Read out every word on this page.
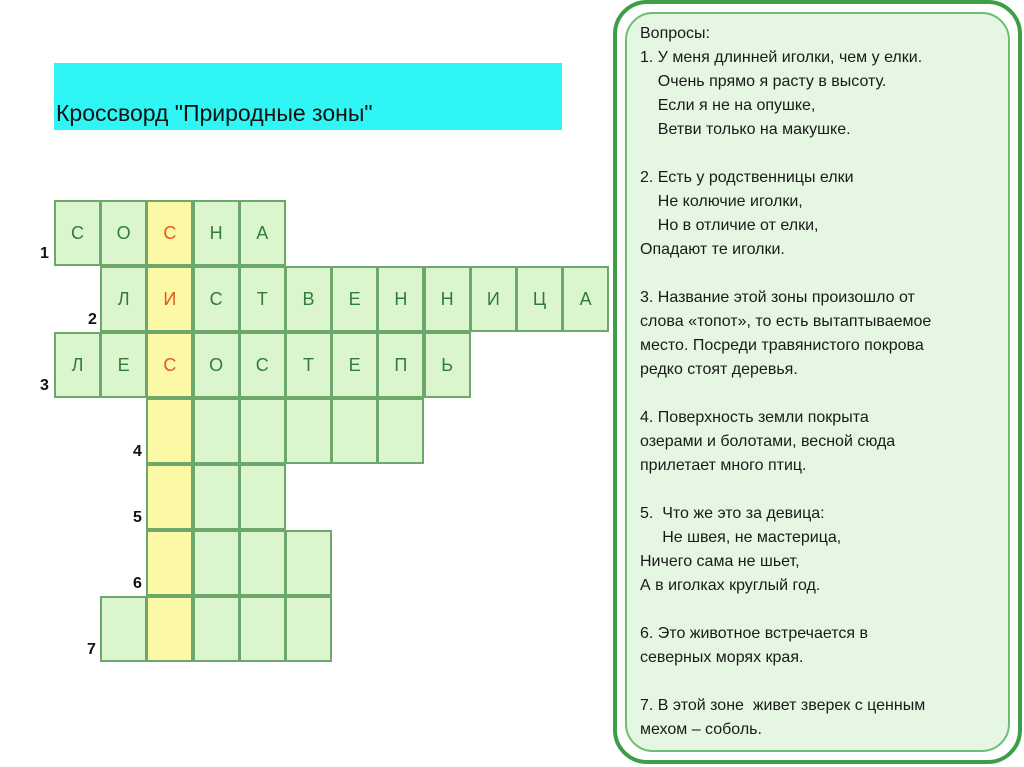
Кроссворд "Природные зоны"
С О С Н А
1
Л И С Т В Е Н Н И Ц А
2
Л Е С О С Т Е П Ь
3
4
5
6
7
Вопросы:
1. У меня длинней иголки, чем у елки.
Очень прямо я расту в высоту.
Если я не на опушке,
Ветви только на макушке.
2. Есть у родственницы елки
Не колючие иголки,
Но в отличие от елки,
Опадают те иголки.
3. Название этой зоны произошло от
слова «топот», то есть вытаптываемое
место. Посреди травянистого покрова
редко стоят деревья.
4. Поверхность земли покрыта
озерами и болотами, весной сюда
прилетает много птиц.
5.  Что же это за девица:
Не швея, не мастерица,
Ничего сама не шьет,
А в иголках круглый год.
6. Это животное встречается в
северных морях края.
7. В этой зоне  живет зверек с ценным
мехом – соболь.
